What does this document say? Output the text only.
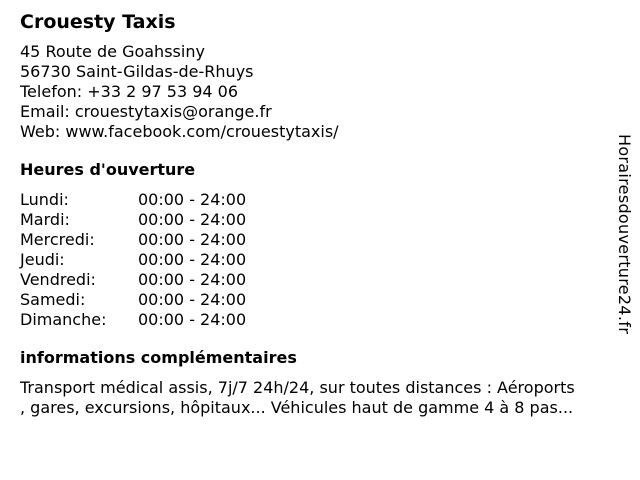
Crouesty Taxis
45 Route de Goahssiny
56730 Saint-Gildas-de-Rhuys
Telefon: +33 2 97 53 94 06
Email: crouestytaxis@orange.fr
Web: www.facebook.com/crouestytaxis/
Heures d'ouverture
Lundi:	00:00 - 24:00
Mardi:	00:00 - 24:00
Mercredi:	00:00 - 24:00
Jeudi:	00:00 - 24:00
Vendredi:	00:00 - 24:00
Samedi:	00:00 - 24:00
Dimanche:	00:00 - 24:00
informations complémentaires
Transport médical assis, 7j/7 24h/24, sur toutes distances : Aéroports
, gares, excursions, hôpitaux... Véhicules haut de gamme 4 à 8 pas...
Horairesdouverture24.fr
